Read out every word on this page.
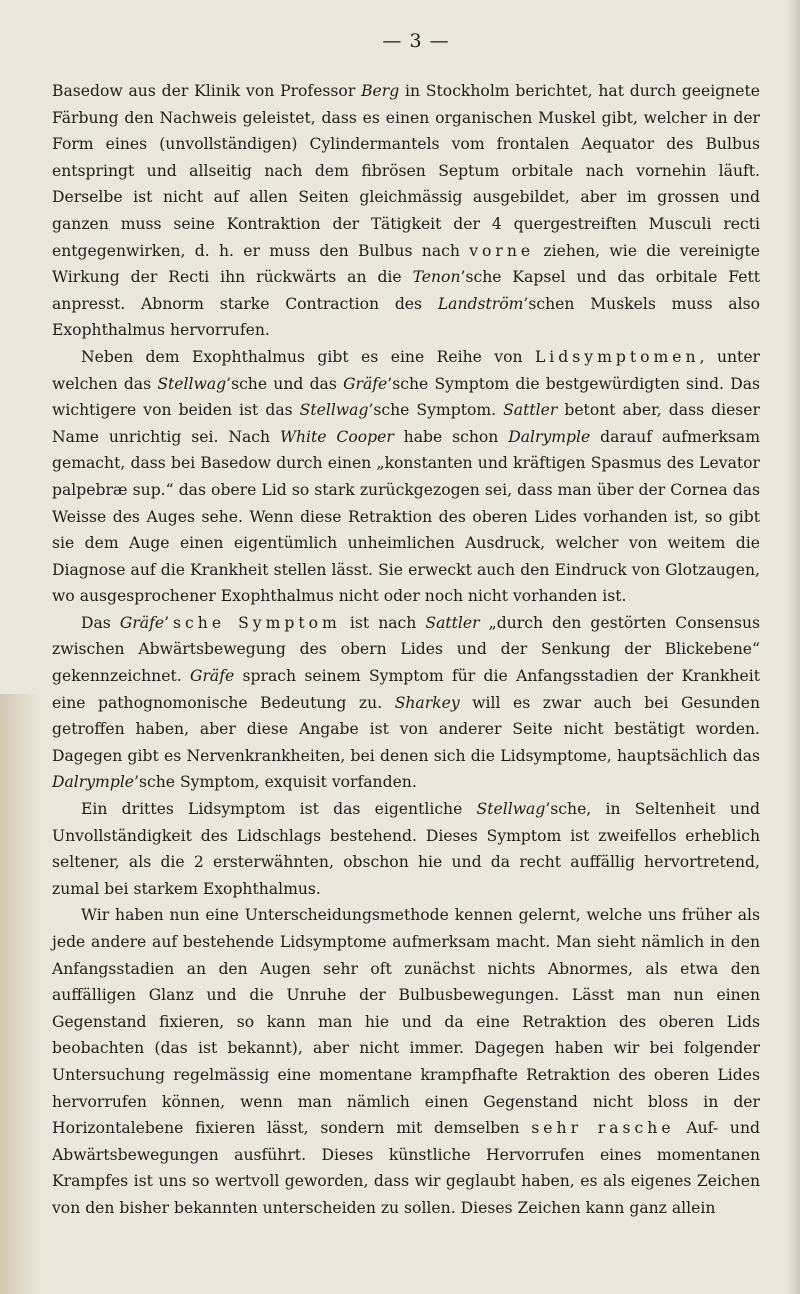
— 3 —

Basedow aus der Klinik von Professor Berg in Stockholm berichtet, hat durch geeignete Färbung den Nachweis geleistet, dass es einen organischen Muskel gibt, welcher in der Form eines (unvollständigen) Cylindermantels vom frontalen Aequator des Bulbus entspringt und allseitig nach dem fibrösen Septum orbitale nach vornehin läuft. Derselbe ist nicht auf allen Seiten gleichmässig ausgebildet, aber im grossen und ganzen muss seine Kontraktion der Tätigkeit der 4 quergestreiften Musculi recti entgegenwirken, d. h. er muss den Bulbus nach vorne ziehen, wie die vereinigte Wirkung der Recti ihn rückwärts an die Tenon’sche Kapsel und das orbitale Fett anpresst. Abnorm starke Contraction des Landström’schen Muskels muss also Exophthalmus hervorrufen.

Neben dem Exophthalmus gibt es eine Reihe von Lidsymptomen, unter welchen das Stellwag’sche und das Gräfe’sche Symptom die bestgewürdigten sind. Das wichtigere von beiden ist das Stellwag’sche Symptom. Sattler betont aber, dass dieser Name unrichtig sei. Nach White Cooper habe schon Dalrymple darauf aufmerksam gemacht, dass bei Basedow durch einen „konstanten und kräftigen Spasmus des Levator palpebræ sup.“ das obere Lid so stark zurückgezogen sei, dass man über der Cornea das Weisse des Auges sehe. Wenn diese Retraktion des oberen Lides vorhanden ist, so gibt sie dem Auge einen eigentümlich unheimlichen Ausdruck, welcher von weitem die Diagnose auf die Krankheit stellen lässt. Sie erweckt auch den Eindruck von Glotzaugen, wo ausgesprochener Exophthalmus nicht oder noch nicht vorhanden ist.

Das Gräfe’sche Symptom ist nach Sattler „durch den gestörten Consensus zwischen Abwärtsbewegung des obern Lides und der Senkung der Blickebene“ gekennzeichnet. Gräfe sprach seinem Symptom für die Anfangsstadien der Krankheit eine pathognomonische Bedeutung zu. Sharkey will es zwar auch bei Gesunden getroffen haben, aber diese Angabe ist von anderer Seite nicht bestätigt worden. Dagegen gibt es Nervenkrankheiten, bei denen sich die Lidsymptome, hauptsächlich das Dalrymple’sche Symptom, exquisit vorfanden.

Ein drittes Lidsymptom ist das eigentliche Stellwag’sche, in Seltenheit und Unvollständigkeit des Lidschlags bestehend. Dieses Symptom ist zweifellos erheblich seltener, als die 2 ersterwähnten, obschon hie und da recht auffällig hervortretend, zumal bei starkem Exophthalmus.

Wir haben nun eine Unterscheidungsmethode kennen gelernt, welche uns früher als jede andere auf bestehende Lidsymptome aufmerksam macht. Man sieht nämlich in den Anfangsstadien an den Augen sehr oft zunächst nichts Abnormes, als etwa den auffälligen Glanz und die Unruhe der Bulbusbewegungen. Lässt man nun einen Gegenstand fixieren, so kann man hie und da eine Retraktion des oberen Lids beobachten (das ist bekannt), aber nicht immer. Dagegen haben wir bei folgender Untersuchung regelmässig eine momentane krampfhafte Retraktion des oberen Lides hervorrufen können, wenn man nämlich einen Gegenstand nicht bloss in der Horizontalebene fixieren lässt, sondern mit demselben sehr rasche Auf- und Abwärtsbewegungen ausführt. Dieses künstliche Hervorrufen eines momentanen Krampfes ist uns so wertvoll geworden, dass wir geglaubt haben, es als eigenes Zeichen von den bisher bekannten unterscheiden zu sollen. Dieses Zeichen kann ganz allein
